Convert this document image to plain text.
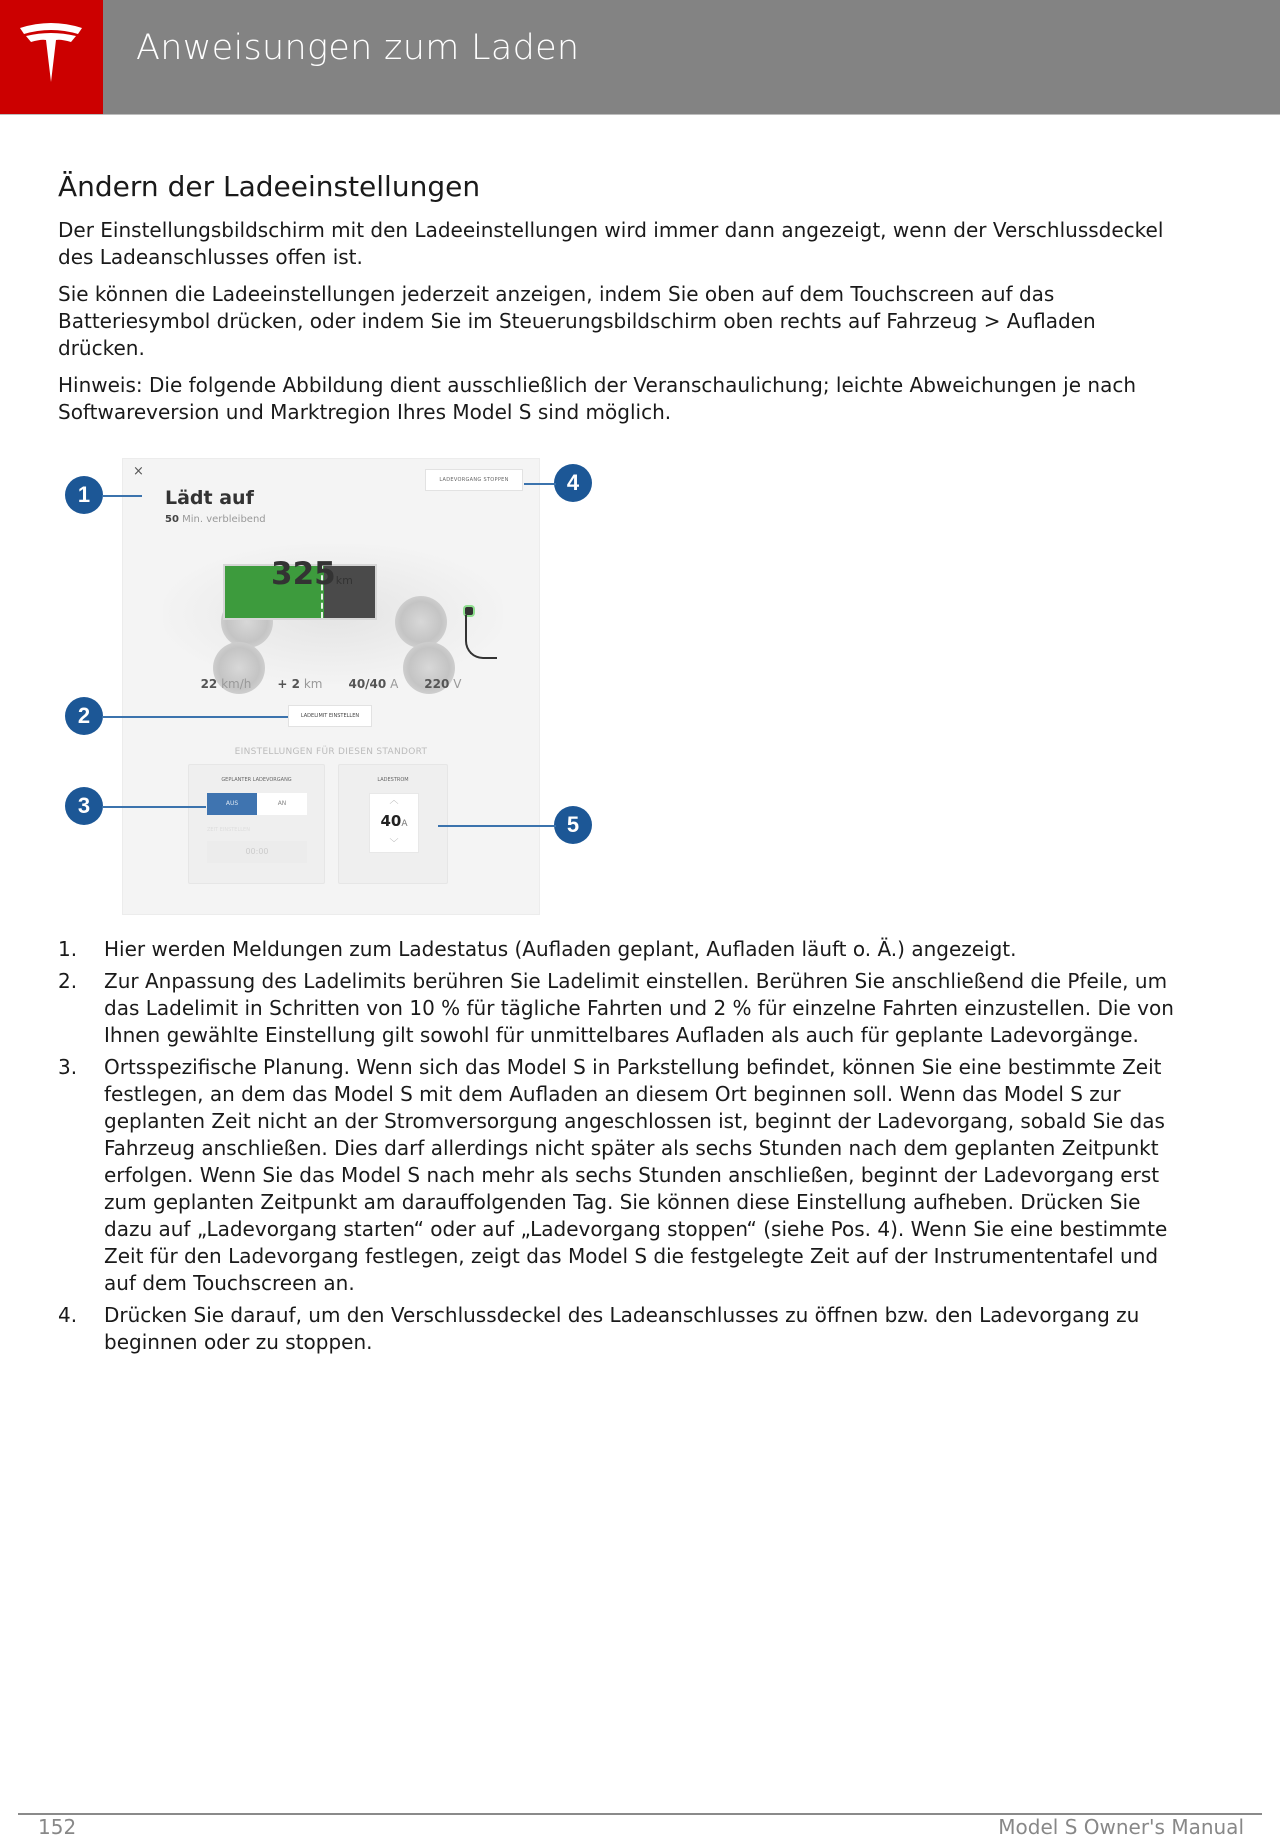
Anweisungen zum Laden
Ändern der Ladeeinstellungen

Der Einstellungsbildschirm mit den Ladeeinstellungen wird immer dann angezeigt, wenn der Verschlussdeckel des Ladeanschlusses offen ist.

Sie können die Ladeeinstellungen jederzeit anzeigen, indem Sie oben auf dem Touchscreen auf das Batteriesymbol drücken, oder indem Sie im Steuerungsbildschirm oben rechts auf Fahrzeug > Aufladen drücken.

Hinweis: Die folgende Abbildung dient ausschließlich der Veranschaulichung; leichte Abweichungen je nach Softwareversion und Marktregion Ihres Model S sind möglich.

×
LADEVORGANG STOPPEN
Lädt auf
50 Min. verbleibend
325km
22 km/h + 2 km 40/40 A 220 V
LADELIMIT EINSTELLEN
EINSTELLUNGEN FÜR DIESEN STANDORT
GEPLANTER LADEVORGANG
AUS	AN
ZEIT EINSTELLEN
00:00
LADESTROM
︿
40A
﹀
1	4
2
3
5
1. Hier werden Meldungen zum Ladestatus (Aufladen geplant, Aufladen läuft o. Ä.) angezeigt.
2. Zur Anpassung des Ladelimits berühren Sie Ladelimit einstellen. Berühren Sie anschließend die Pfeile, um das Ladelimit in Schritten von 10 % für tägliche Fahrten und 2 % für einzelne Fahrten einzustellen. Die von Ihnen gewählte Einstellung gilt sowohl für unmittelbares Aufladen als auch für geplante Ladevorgänge.
3. Ortsspezifische Planung. Wenn sich das Model S in Parkstellung befindet, können Sie eine bestimmte Zeit festlegen, an dem das Model S mit dem Aufladen an diesem Ort beginnen soll. Wenn das Model S zur geplanten Zeit nicht an der Stromversorgung angeschlossen ist, beginnt der Ladevorgang, sobald Sie das Fahrzeug anschließen. Dies darf allerdings nicht später als sechs Stunden nach dem geplanten Zeitpunkt erfolgen. Wenn Sie das Model S nach mehr als sechs Stunden anschließen, beginnt der Ladevorgang erst zum geplanten Zeitpunkt am darauffolgenden Tag. Sie können diese Einstellung aufheben. Drücken Sie dazu auf „Ladevorgang starten“ oder auf „Ladevorgang stoppen“ (siehe Pos. 4). Wenn Sie eine bestimmte Zeit für den Ladevorgang festlegen, zeigt das Model S die festgelegte Zeit auf der Instrumententafel und auf dem Touchscreen an.
4. Drücken Sie darauf, um den Verschlussdeckel des Ladeanschlusses zu öffnen bzw. den Ladevorgang zu beginnen oder zu stoppen.
152	Model S Owner's Manual
